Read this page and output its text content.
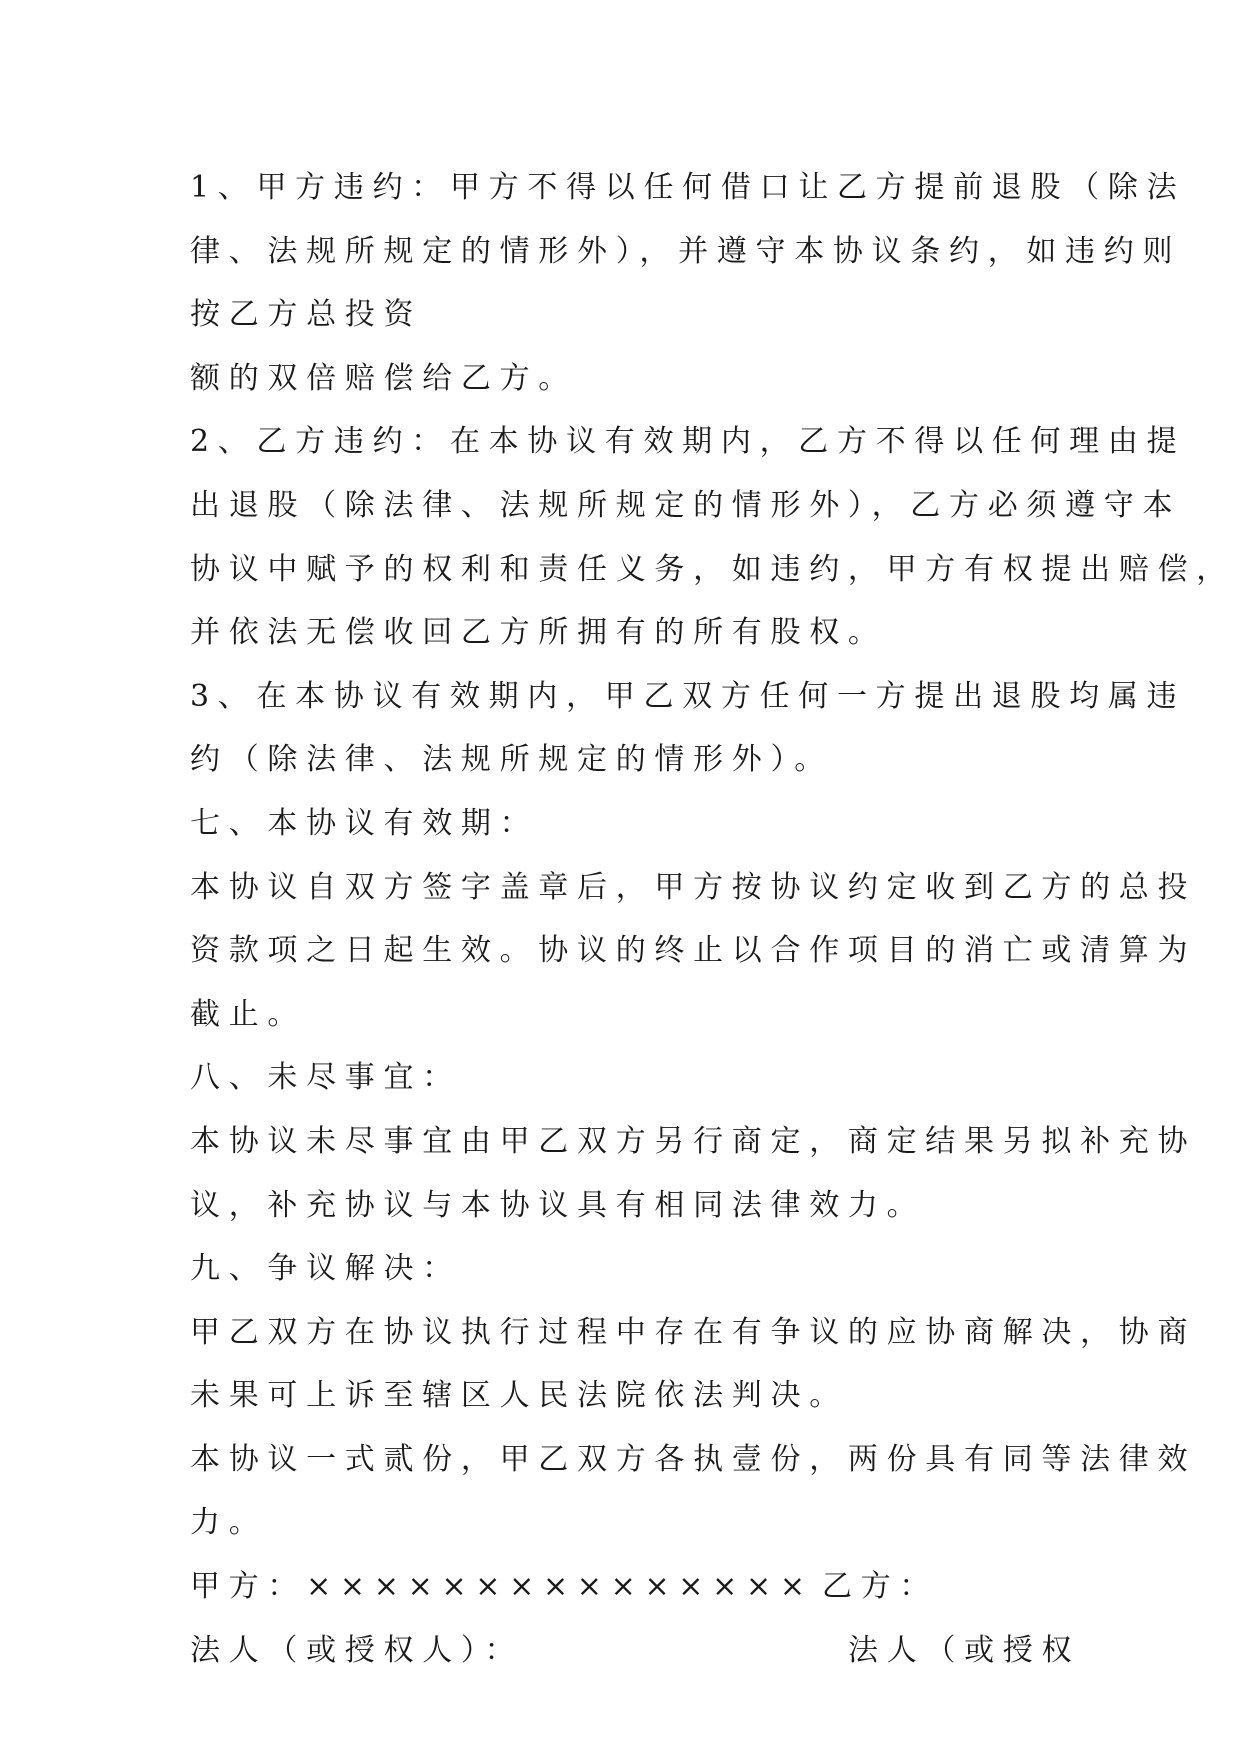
1、甲方违约：甲方不得以任何借口让乙方提前退股（除法
律、法规所规定的情形外），并遵守本协议条约，如违约则
按乙方总投资
额的双倍赔偿给乙方。
2、乙方违约：在本协议有效期内，乙方不得以任何理由提
出退股（除法律、法规所规定的情形外），乙方必须遵守本
协议中赋予的权利和责任义务，如违约，甲方有权提出赔偿，
并依法无偿收回乙方所拥有的所有股权。
3、在本协议有效期内，甲乙双方任何一方提出退股均属违
约（除法律、法规所规定的情形外）。
七、本协议有效期：
本协议自双方签字盖章后，甲方按协议约定收到乙方的总投
资款项之日起生效。协议的终止以合作项目的消亡或清算为
截止。
八、未尽事宜：
本协议未尽事宜由甲乙双方另行商定，商定结果另拟补充协
议，补充协议与本协议具有相同法律效力。
九、争议解决：
甲乙双方在协议执行过程中存在有争议的应协商解决，协商
未果可上诉至辖区人民法院依法判决。
本协议一式贰份，甲乙双方各执壹份，两份具有同等法律效
力。
甲方：××××××××××××××× 乙方：
法人（或授权人）：	法人（或授权
